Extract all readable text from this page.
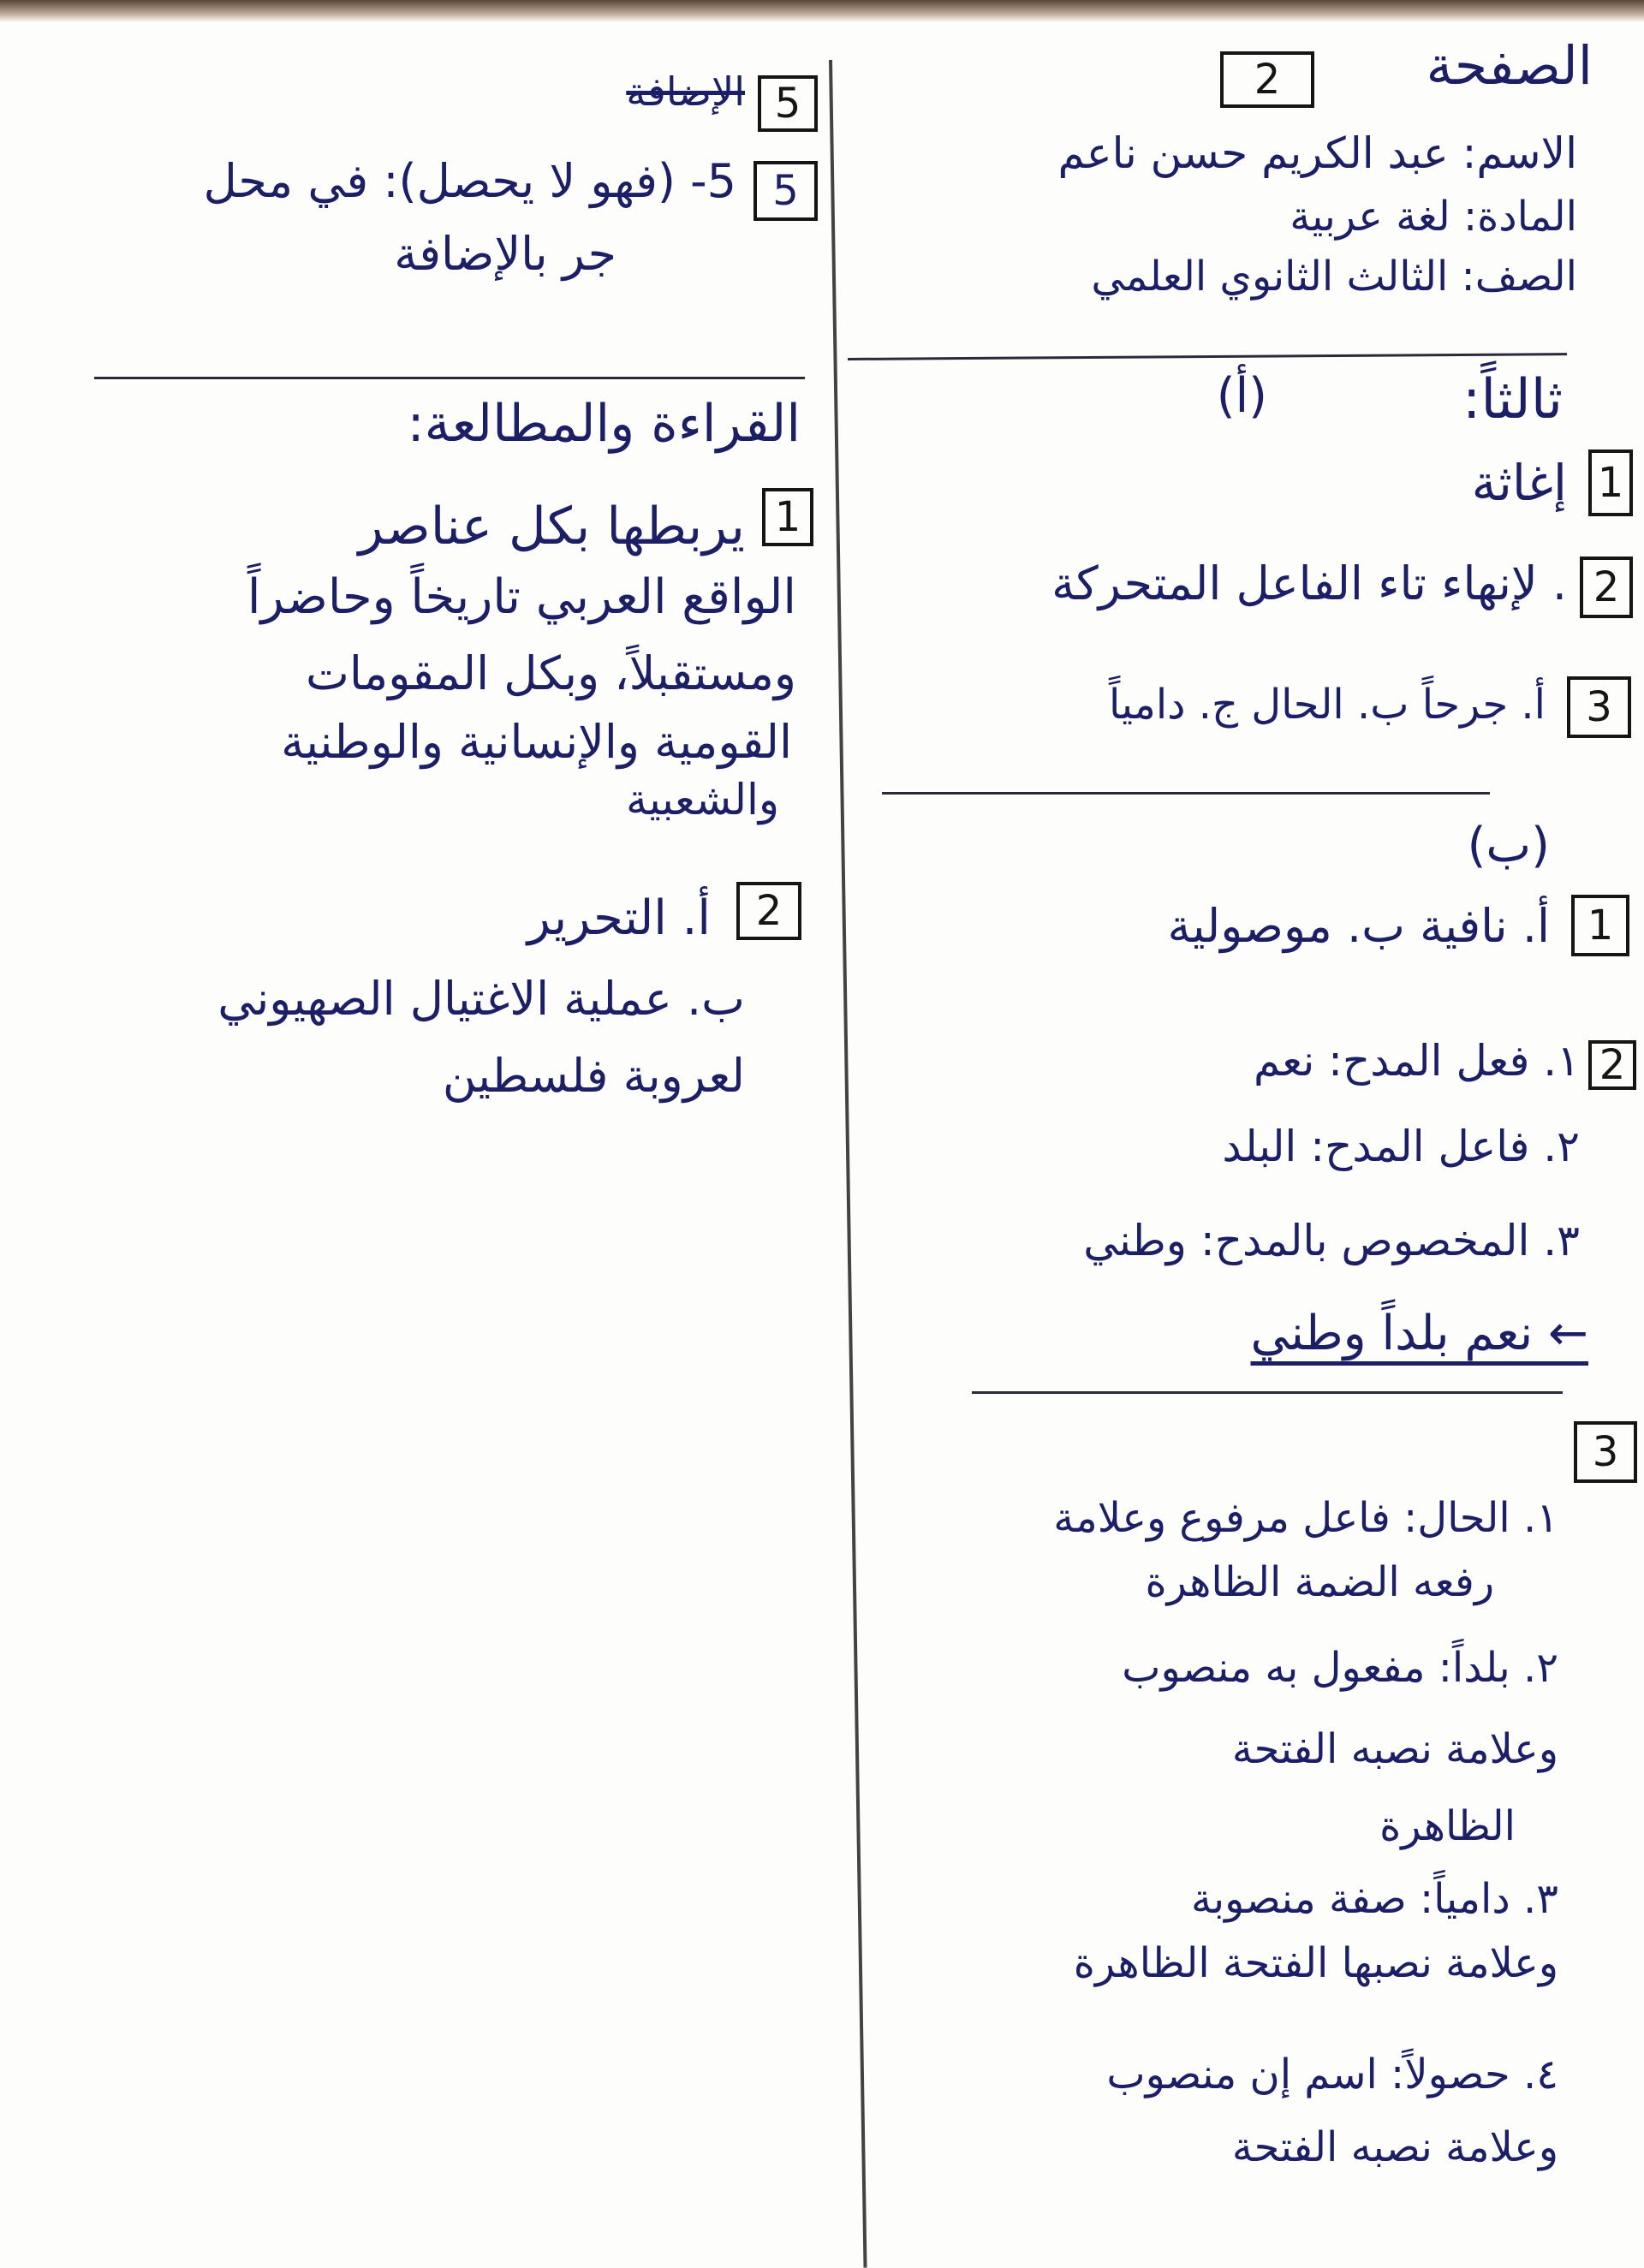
2	الصفحة
الاسم: عبد الكريم حسن ناعم
المادة: لغة عربية
الصف: الثالث الثانوي العلمي
ثالثاً:
(أ)
1
إغاثة
2
. لإنهاء تاء الفاعل المتحركة
3
أ. جرحاً ب. الحال ج. دامياً
(ب)
1
أ. نافية ب. موصولية
2
١. فعل المدح: نعم
٢. فاعل المدح: البلد
٣. المخصوص بالمدح: وطني
← نعم بلداً وطني
3
١. الحال: فاعل مرفوع وعلامة
رفعه الضمة الظاهرة
٢. بلداً: مفعول به منصوب
وعلامة نصبه الفتحة
الظاهرة
٣. دامياً: صفة منصوبة
وعلامة نصبها الفتحة الظاهرة
٤. حصولاً: اسم إن منصوب
وعلامة نصبه الفتحة
5
الإضافة
5
5- (فهو لا يحصل): في محل
جر بالإضافة
القراءة والمطالعة:
1
يربطها بكل عناصر
الواقع العربي تاريخاً وحاضراً
ومستقبلاً، وبكل المقومات
القومية والإنسانية والوطنية
والشعبية
2
أ. التحرير
ب. عملية الاغتيال الصهيوني
لعروبة فلسطين
